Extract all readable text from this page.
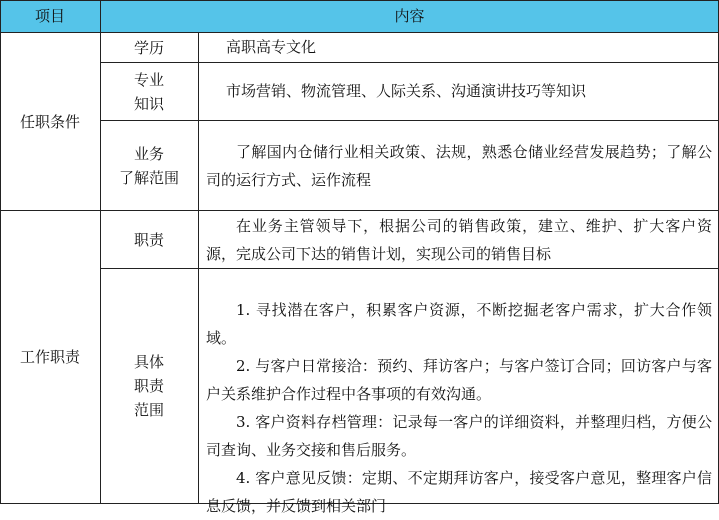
项目	内容
任职条件
工作职责
学历	高职高专文化

专业
知识

市场营销、物流管理、人际关系、沟通演讲技巧等知识

业务
了解范围

了解国内仓储行业相关政策、法规，熟悉仓储业经营发展趋势；了解公司的运行方式、运作流程

职责

在业务主管领导下，根据公司的销售政策，建立、维护、扩大客户资源，完成公司下达的销售计划，实现公司的销售目标

具体
职责
范围

1. 寻找潜在客户，积累客户资源，不断挖掘老客户需求，扩大合作领域。

2. 与客户日常接洽：预约、拜访客户；与客户签订合同；回访客户与客户关系维护合作过程中各事项的有效沟通。

3. 客户资料存档管理：记录每一客户的详细资料，并整理归档，方便公司查询、业务交接和售后服务。

4. 客户意见反馈：定期、不定期拜访客户，接受客户意见，整理客户信息反馈，并反馈到相关部门
